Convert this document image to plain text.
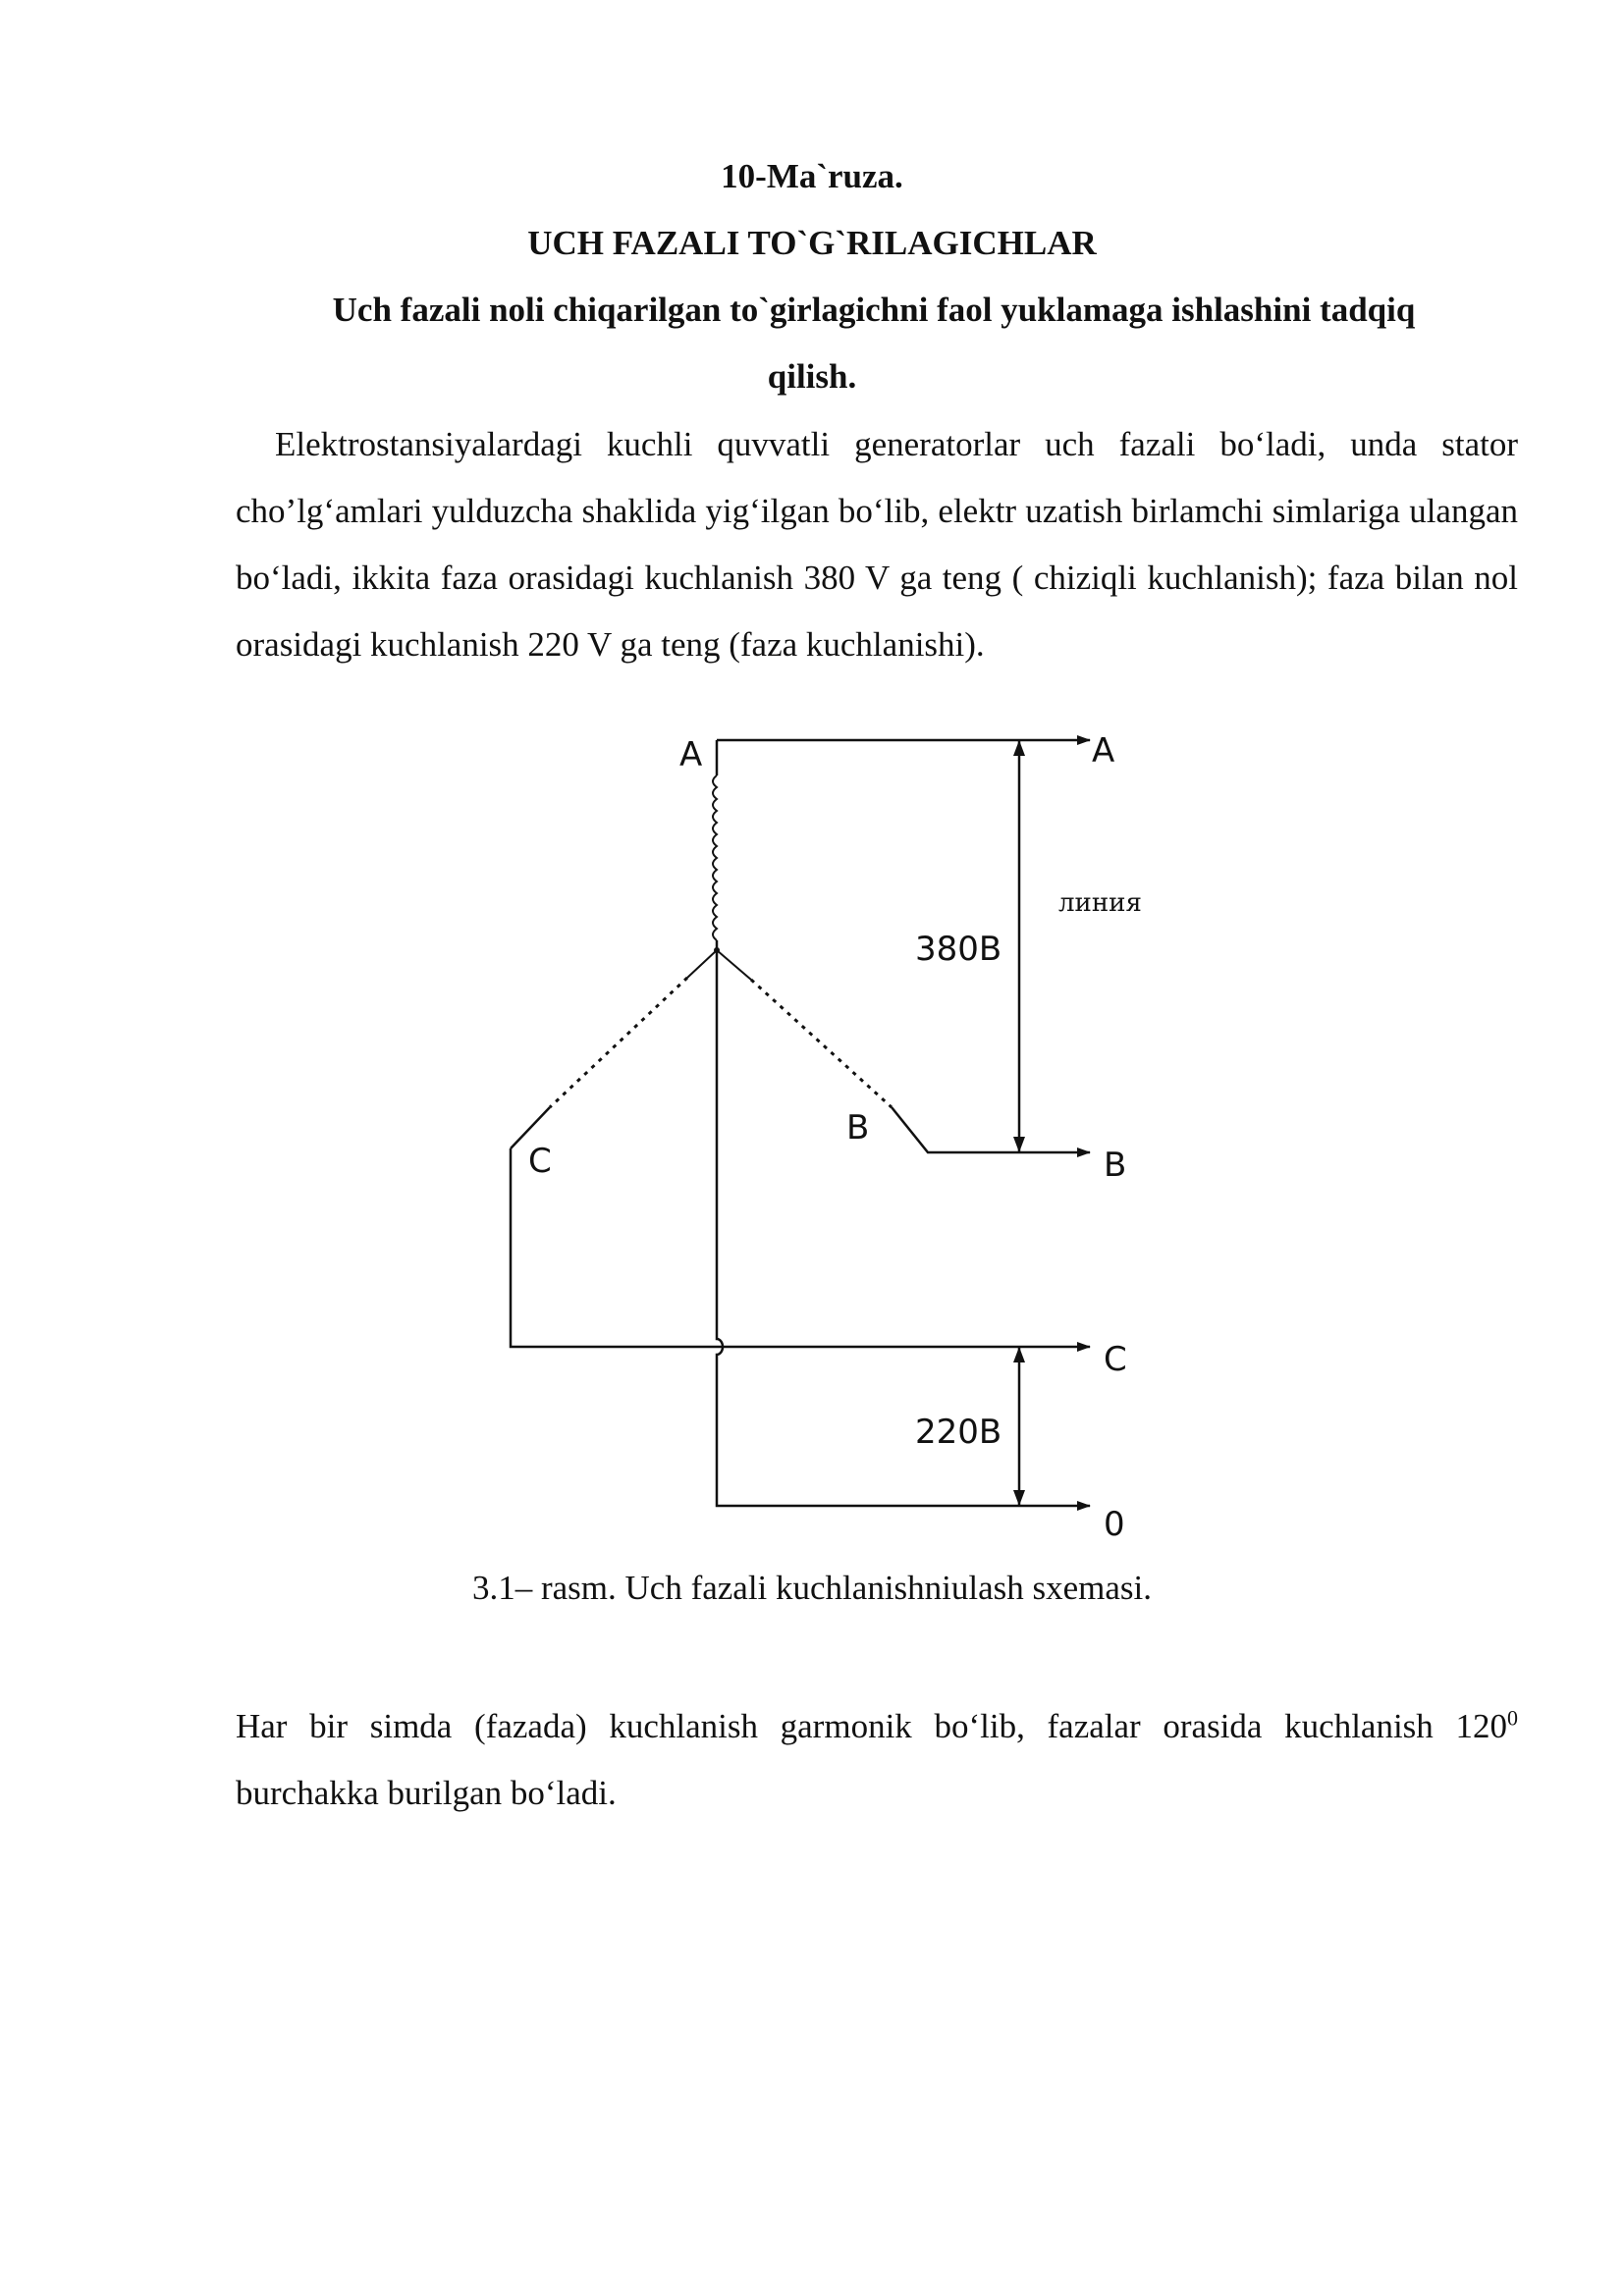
10-Ma`ruza.
UCH FAZALI TO`G`RILAGICHLAR
Uch fazali noli chiqarilgan to`girlagichni faol yuklamaga ishlashini tadqiq
qilish.

Elektrostansiyalardagi kuchli quvvatli generatorlar uch fazali bo‘ladi, unda stator cho’lg‘amlari yulduzcha shaklida yig‘ilgan bo‘lib, elektr uzatish birlamchi simlariga ulangan bo‘ladi, ikkita faza orasidagi kuchlanish 380 V ga teng ( chiziqli kuchlanish); faza bilan nol orasidagi kuchlanish 220 V ga teng (faza kuchlanishi).

A
B
C
A
B
C
0
380B
220B
линия
3.1– rasm. Uch fazali kuchlanishniulash sxemasi.

Har bir simda (fazada) kuchlanish garmonik bo‘lib, fazalar orasida kuchlanish $120^0$ burchakka burilgan bo‘ladi.
